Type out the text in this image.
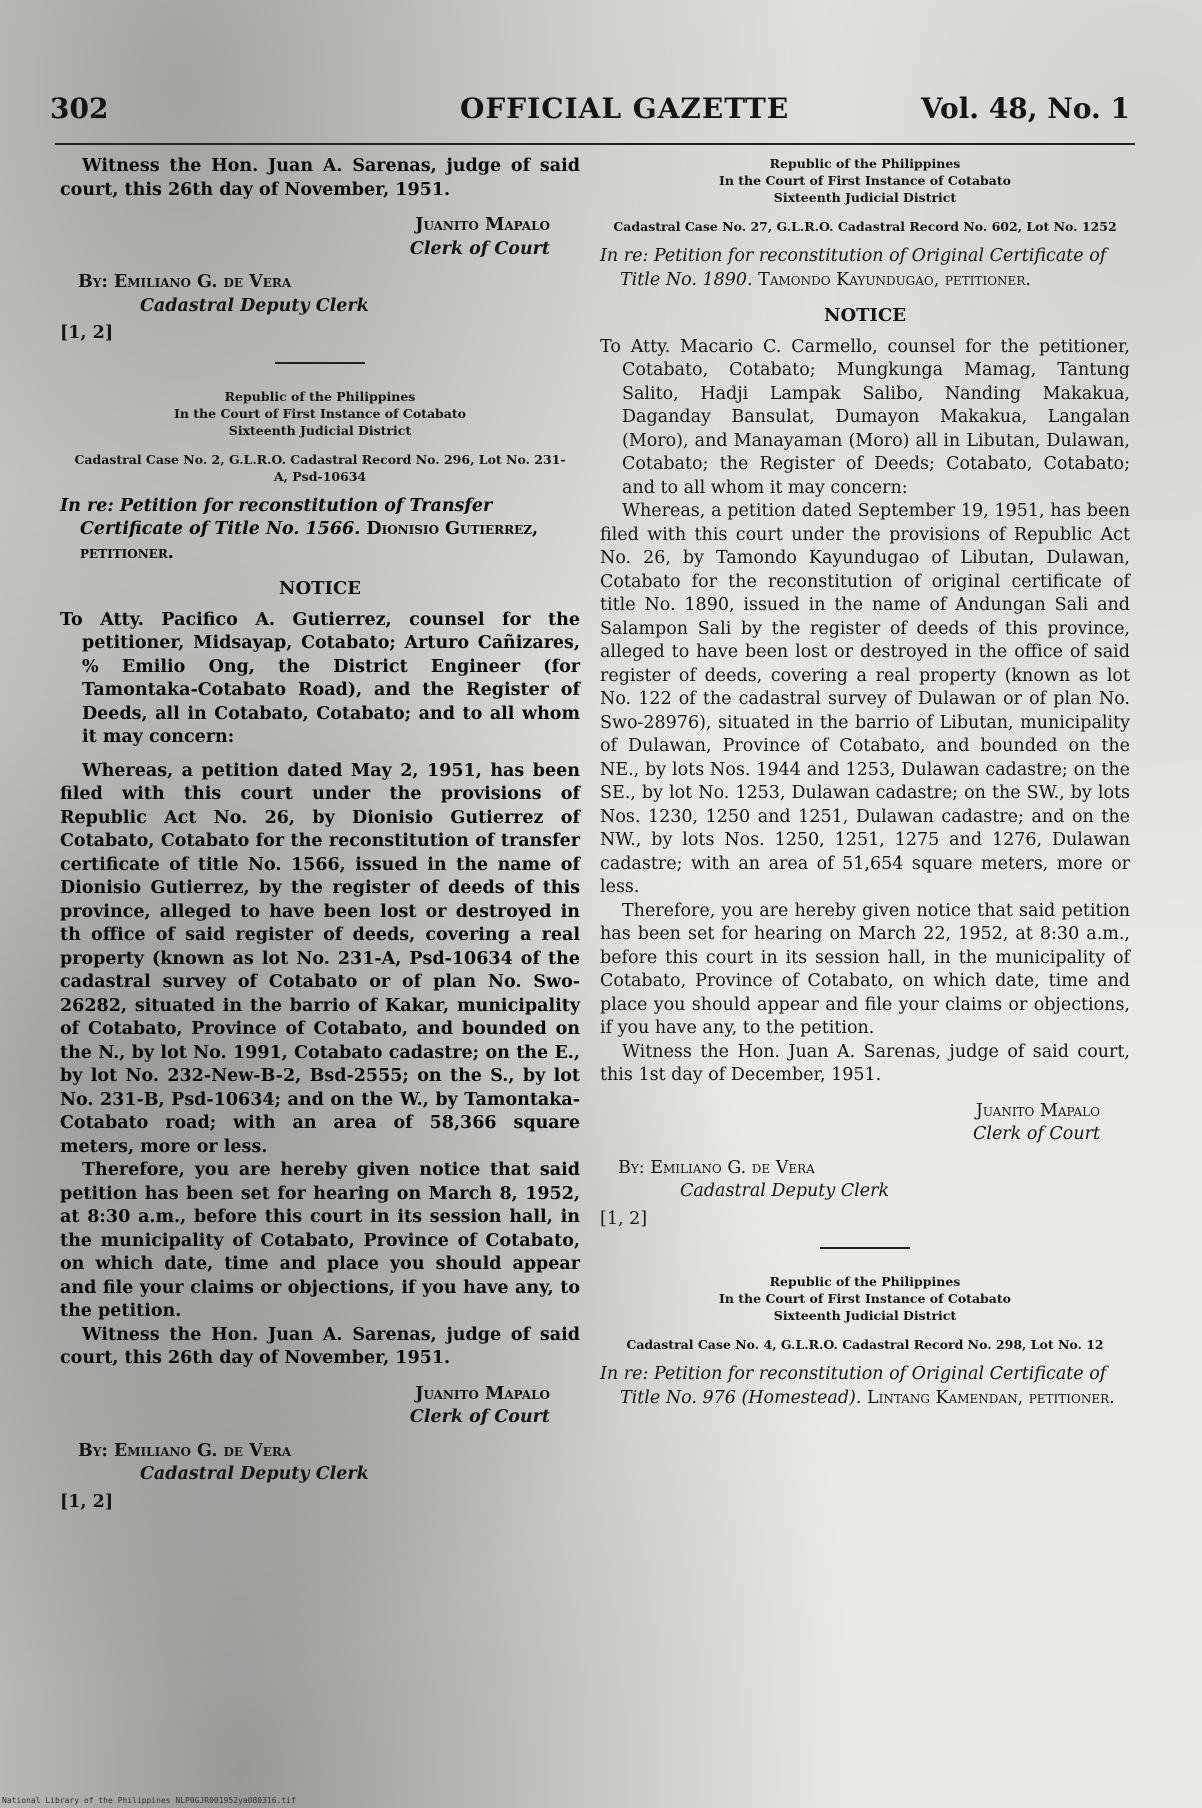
302	OFFICIAL GAZETTE	Vol. 48, No. 1

Witness the Hon. Juan A. Sarenas, judge of said court, this 26th day of November, 1951.

Juanito Mapalo

Clerk of Court

By: Emiliano G. de Vera

Cadastral Deputy Clerk

[1, 2]

Republic of the Philippines

In the Court of First Instance of Cotabato

Sixteenth Judicial District

Cadastral Case No. 2, G.L.R.O. Cadastral Record No. 296, Lot No. 231-A, Psd-10634

In re: Petition for reconstitution of Transfer Certificate of Title No. 1566. Dionisio Gutierrez, petitioner.

NOTICE

To Atty. Pacifico A. Gutierrez, counsel for the petitioner, Midsayap, Cotabato; Arturo Cañizares, % Emilio Ong, the District Engineer (for Tamontaka-Cotabato Road), and the Register of Deeds, all in Cotabato, Cotabato; and to all whom it may concern:

Whereas, a petition dated May 2, 1951, has been filed with this court under the provisions of Republic Act No. 26, by Dionisio Gutierrez of Cotabato, Cotabato for the reconstitution of transfer certificate of title No. 1566, issued in the name of Dionisio Gutierrez, by the register of deeds of this province, alleged to have been lost or destroyed in th office of said register of deeds, covering a real property (known as lot No. 231-A, Psd-10634 of the cadastral survey of Cotabato or of plan No. Swo-26282, situated in the barrio of Kakar, municipality of Cotabato, Province of Cotabato, and bounded on the N., by lot No. 1991, Cotabato cadastre; on the E., by lot No. 232-New-B-2, Bsd-2555; on the S., by lot No. 231-B, Psd-10634; and on the W., by Tamontaka-Cotabato road; with an area of 58,366 square meters, more or less.

Therefore, you are hereby given notice that said petition has been set for hearing on March 8, 1952, at 8:30 a.m., before this court in its session hall, in the municipality of Cotabato, Province of Cotabato, on which date, time and place you should appear and file your claims or objections, if you have any, to the petition.

Witness the Hon. Juan A. Sarenas, judge of said court, this 26th day of November, 1951.

Juanito Mapalo

Clerk of Court

By: Emiliano G. de Vera

Cadastral Deputy Clerk

[1, 2]

Republic of the Philippines

In the Court of First Instance of Cotabato

Sixteenth Judicial District

Cadastral Case No. 27, G.L.R.O. Cadastral Record No. 602, Lot No. 1252

In re: Petition for reconstitution of Original Certificate of Title No. 1890. Tamondo Kayundugao, petitioner.

NOTICE

To Atty. Macario C. Carmello, counsel for the petitioner, Cotabato, Cotabato; Mungkunga Mamag, Tantung Salito, Hadji Lampak Salibo, Nanding Makakua, Daganday Bansulat, Dumayon Makakua, Langalan (Moro), and Manayaman (Moro) all in Libutan, Dulawan, Cotabato; the Register of Deeds; Cotabato, Cotabato; and to all whom it may concern:

Whereas, a petition dated September 19, 1951, has been filed with this court under the provisions of Republic Act No. 26, by Tamondo Kayundugao of Libutan, Dulawan, Cotabato for the reconstitution of original certificate of title No. 1890, issued in the name of Andungan Sali and Salampon Sali by the register of deeds of this province, alleged to have been lost or destroyed in the office of said register of deeds, covering a real property (known as lot No. 122 of the cadastral survey of Dulawan or of plan No. Swo-28976), situated in the barrio of Libutan, municipality of Dulawan, Province of Cotabato, and bounded on the NE., by lots Nos. 1944 and 1253, Dulawan cadastre; on the SE., by lot No. 1253, Dulawan cadastre; on the SW., by lots Nos. 1230, 1250 and 1251, Dulawan cadastre; and on the NW., by lots Nos. 1250, 1251, 1275 and 1276, Dulawan cadastre; with an area of 51,654 square meters, more or less.

Therefore, you are hereby given notice that said petition has been set for hearing on March 22, 1952, at 8:30 a.m., before this court in its session hall, in the municipality of Cotabato, Province of Cotabato, on which date, time and place you should appear and file your claims or objections, if you have any, to the petition.

Witness the Hon. Juan A. Sarenas, judge of said court, this 1st day of December, 1951.

Juanito Mapalo

Clerk of Court

By: Emiliano G. de Vera

Cadastral Deputy Clerk

[1, 2]

Republic of the Philippines

In the Court of First Instance of Cotabato

Sixteenth Judicial District

Cadastral Case No. 4, G.L.R.O. Cadastral Record No. 298, Lot No. 12

In re: Petition for reconstitution of Original Certificate of Title No. 976 (Homestead). Lintang Kamendan, petitioner.

National Library of the Philippines NLP0GJR001952ya080316.tif
